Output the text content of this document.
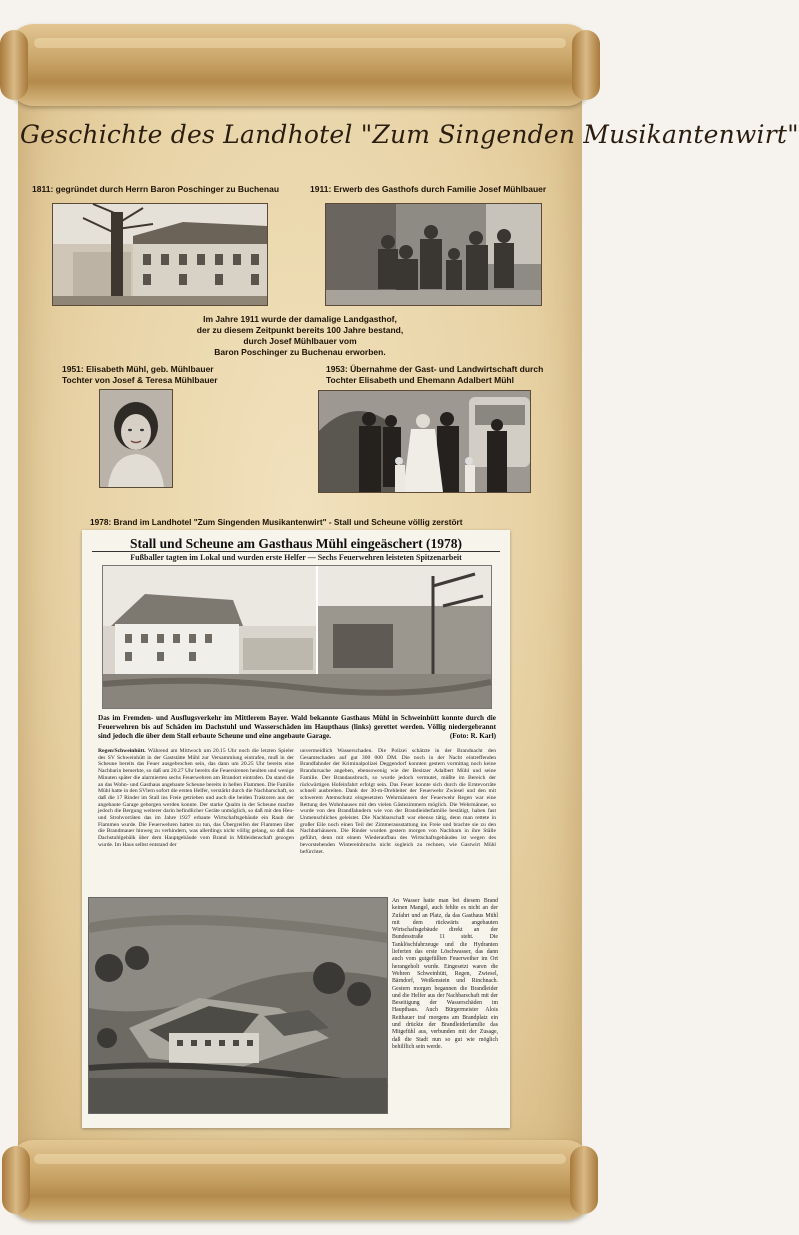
Geschichte des Landhotel "Zum Singenden Musikantenwirt"
1811: gegründet durch Herrn Baron Poschinger zu Buchenau	1911: Erwerb des Gasthofs durch Familie Josef Mühlbauer
Im Jahre 1911 wurde der damalige Landgasthof,
der zu diesem Zeitpunkt bereits 100 Jahre bestand,
durch Josef Mühlbauer vom
Baron Poschinger zu Buchenau erworben.
1951: Elisabeth Mühl, geb. Mühlbauer
Tochter von Josef & Teresa Mühlbauer
1953: Übernahme der Gast- und Landwirtschaft durch
Tochter Elisabeth und Ehemann Adalbert Mühl
1978: Brand im Landhotel "Zum Singenden Musikantenwirt" - Stall und Scheune völlig zerstört
Stall und Scheune am Gasthaus Mühl eingeäschert (1978)
Fußballer tagten im Lokal und wurden erste Helfer — Sechs Feuerwehren leisteten Spitzenarbeit
Das im Fremden- und Ausflugsverkehr im Mittlerem Bayer. Wald bekannte Gasthaus Mühl in Schweinhütt konnte durch die Feuerwehren bis auf Schäden im Dachstuhl und Wasserschäden im Haupthaus (links) gerettet werden. Völlig niedergebrannt sind jedoch die über dem Stall erbaute Scheune und eine angebaute Garage.	(Foto: R. Karl)
Regen/Schweinhütt. Während am Mittwoch um 20.15 Uhr noch die letzten Spieler des SV Schweinhütt in der Gaststätte Mühl zur Versammlung eintrafen, muß in der Scheune bereits das Feuer ausgebrochen sein, das dann um 20.25 Uhr bereits eine Nachbarin bemerkte, so daß um 20.27 Uhr bereits die Feuersirenen heulten und wenige Minuten später die alarmierten sechs Feuerwehren am Brandort eintrafen. Da stand die an das Wohn- und Gasthaus angebaute Scheune bereits in hellen Flammen. Die Familie Mühl hatte in den SVlern sofort die ersten Helfer, verstärkt durch die Nachbarschaft, so daß die 17 Rinder im Stall ins Freie getrieben und auch die beiden Traktoren aus der angebaute Garage geborgen werden konnte. Der starke Qualm in der Scheune machte jedoch die Bergung weiterer darin befindlicher Geräte unmöglich, so daß mit den Heu- und Strohvorräten das im Jahre 1927 erbaute Wirtschaftsgebäude ein Raub der Flammen wurde. Die Feuerwehren hatten zu tun, das Übergreifen der Flammen über die Brandmauer hinweg zu verhindern, was allerdings nicht völlig gelang, so daß das Dachstuhlgebälk über dem Hauptgebäude vom Brand in Mitleidenschaft gezogen wurde. Im Haus selbst entstand der
unvermeidlich Wasserschaden. Die Polizei schätzte in der Brandnacht den Gesamtschaden auf gut 300 000 DM. Die noch in der Nacht eintreffenden Brandfahnder der Kriminalpolizei Deggendorf konnten gestern vormittag noch keine Brandursache angeben, ebensowenig wie der Besitzer Adalbert Mühl und seine Familie. Der Brandausbruch, so wurde jedoch vermutet, müßte im Bereich der rückwärtigen Hofeinfahrt erfolgt sein. Das Feuer konnte sich durch die Erntevorräte schnell ausbreiten. Dank der 30-m-Drehleiter der Feuerwehr Zwiesel und den mit schwerem Atemschutz eingesetzten Wehrmännern der Feuerwehr Regen war eine Rettung des Wohnhauses mit den vielen Gästezimmern möglich. Die Wehrmänner, so wurde von den Brandfahndern wie von der Brandleiderfamilie bestätigt, haben fast Unmenschliches geleistet. Die Nachbarschaft war ebenso tätig, denn man rettete in großer Eile noch einen Teil der Zimmerausstattung ins Freie und brachte sie zu den Nachbarhäusern. Die Rinder wurden gestern morgen von Nachbarn in ihre Ställe geführt, denn mit einem Wiederaufbau des Wirtschaftsgebäudes ist wegen des bevorstehenden Wintereinbruchs nicht sogleich zu rechnen, wie Gastwirt Mühl befürchtet.
An Wasser hatte man bei diesem Brand keinen Mangel, auch fehlte es nicht an der Zufahrt und an Platz, da das Gasthaus Mühl mit dem rückwärts angebauten Wirtschaftsgebäude direkt an der Bundesstraße 11 steht. Die Tanklöschfahrzeuge und die Hydranten lieferten das erste Löschwasser, das dann auch vom gutgefüllten Feuerweiher im Ort herangeholt wurde. Eingesetzt waren die Wehren Schweinhütt, Regen, Zwiesel, Bärndorf, Weißenstein und Rinchnach. Gestern morgen begannen die Brandleider und die Helfer aus der Nachbarschaft mit der Beseitigung der Wasserschäden im Haupthaus. Auch Bürgermeister Alois Reithauer traf morgens am Brandplatz ein und drückte der Brandleiderfamilie das Mitgefühl aus, verbunden mit der Zusage, daß die Stadt nun so gut wie möglich behilflich sein werde.
